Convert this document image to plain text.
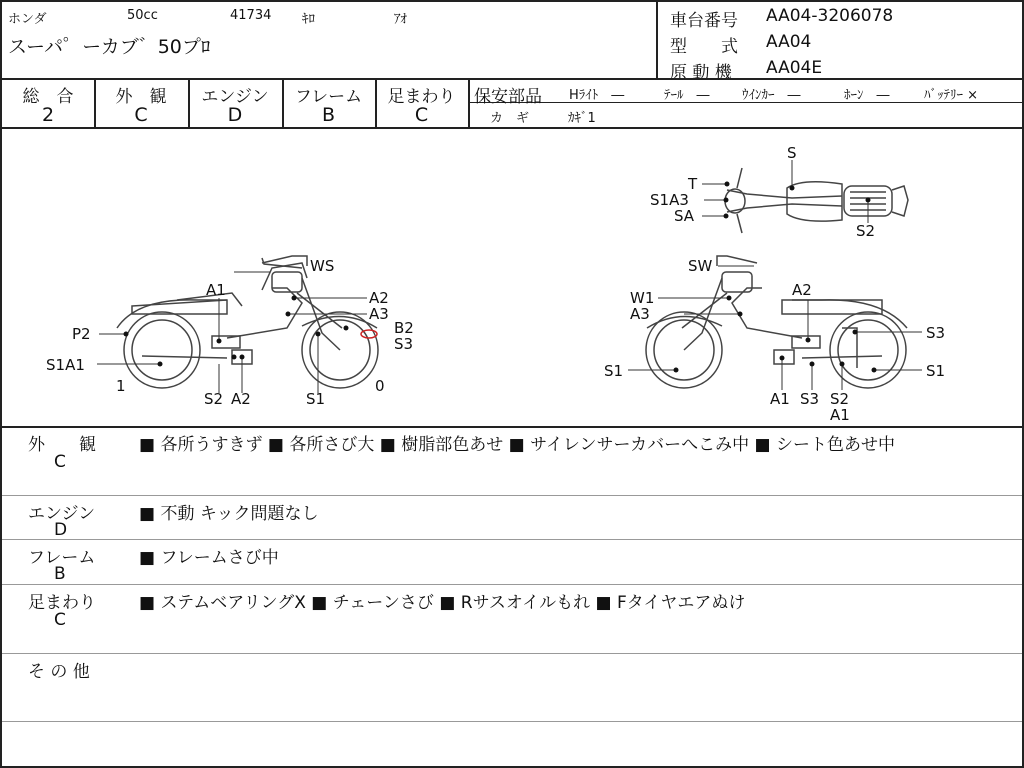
ホンダ	50cc	41734 ｷﾛ	ｱｵ
スーパ゜ーカブ゛50プﾛ
車台番号 AA04-3206078
型　　式 AA04
原 動 機 AA04E
総　合	外　観	エンジン	フレーム	足まわり
2	C	D	B	C
保安部品 Hﾗｲﾄ　―	ﾃｰﾙ　― ｳｲﾝｶｰ　―	ﾎｰﾝ　―	ﾊﾞｯﾃﾘｰ ×
カ　ギ	ｶｷﾞ1
WS
A1	A2
A3
P2	B2
S3
S1A1
1
S2 A2	S1
0
SW
W1
A3
A2
S3
S1	S1
A1 S3 S2
A1
S
T
S1A3
SA
S2
外　　観
C
■ 各所うすきず ■ 各所さび大 ■ 樹脂部色あせ ■ サイレンサーカバーへこみ中 ■ シート色あせ中
エンジン
D
■ 不動 キック問題なし
フレーム
B
■ フレームさび中
足まわり
C
■ ステムベアリングX ■ チェーンさび ■ Rサスオイルもれ ■ Fタイヤエアぬけ
そ の 他
